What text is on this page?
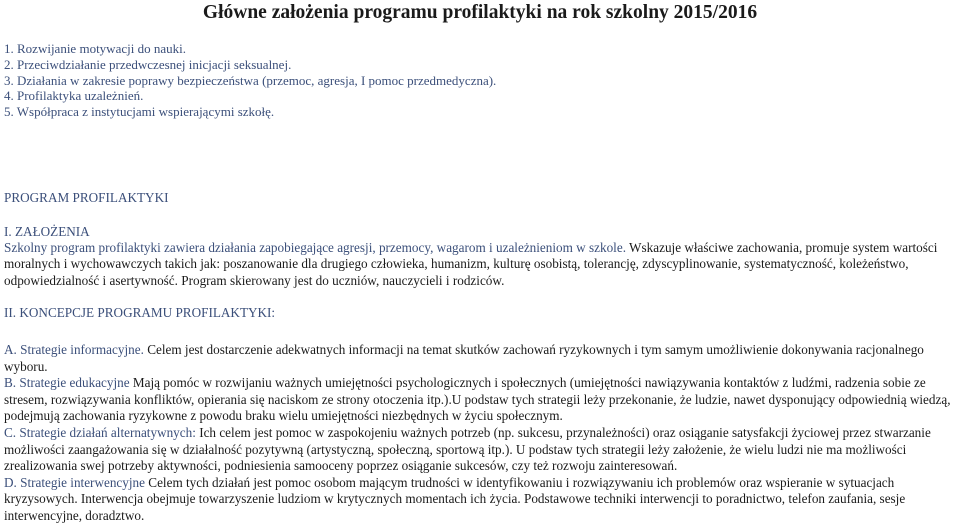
Główne założenia programu profilaktyki na rok szkolny 2015/2016
1. Rozwijanie motywacji do nauki.
2. Przeciwdziałanie przedwczesnej inicjacji seksualnej.
3. Działania w zakresie poprawy bezpieczeństwa (przemoc, agresja, I pomoc przedmedyczna).
4. Profilaktyka uzależnień.
5. Współpraca z instytucjami wspierającymi szkołę.

PROGRAM PROFILAKTYKI

I. ZAŁOŻENIA

Szkolny program profilaktyki zawiera działania zapobiegające agresji, przemocy, wagarom i uzależnieniom w szkole. Wskazuje właściwe zachowania, promuje system wartości moralnych i wychowawczych takich jak: poszanowanie dla drugiego człowieka, humanizm, kulturę osobistą, tolerancję, zdyscyplinowanie, systematyczność, koleżeństwo, odpowiedzialność i asertywność. Program skierowany jest do uczniów, nauczycieli i rodziców.

II. KONCEPCJE PROGRAMU PROFILAKTYKI:

A. Strategie informacyjne. Celem jest dostarczenie adekwatnych informacji na temat skutków zachowań ryzykownych i tym samym umożliwienie dokonywania racjonalnego wyboru.

B. Strategie edukacyjne Mają pomóc w rozwijaniu ważnych umiejętności psychologicznych i społecznych (umiejętności nawiązywania kontaktów z ludźmi, radzenia sobie ze stresem, rozwiązywania konfliktów, opierania się naciskom ze strony otoczenia itp.).U podstaw tych strategii leży przekonanie, że ludzie, nawet dysponujący odpowiednią wiedzą, podejmują zachowania ryzykowne z powodu braku wielu umiejętności niezbędnych w życiu społecznym.

C. Strategie działań alternatywnych: Ich celem jest pomoc w zaspokojeniu ważnych potrzeb (np. sukcesu, przynależności) oraz osiąganie satysfakcji życiowej przez stwarzanie możliwości zaangażowania się w działalność pozytywną (artystyczną, społeczną, sportową itp.). U podstaw tych strategii leży założenie, że wielu ludzi nie ma możliwości zrealizowania swej potrzeby aktywności, podniesienia samooceny poprzez osiąganie sukcesów, czy też rozwoju zainteresowań.

D. Strategie interwencyjne Celem tych działań jest pomoc osobom mającym trudności w identyfikowaniu i rozwiązywaniu ich problemów oraz wspieranie w sytuacjach kryzysowych. Interwencja obejmuje towarzyszenie ludziom w krytycznych momentach ich życia. Podstawowe techniki interwencji to poradnictwo, telefon zaufania, sesje interwencyjne, doradztwo.
